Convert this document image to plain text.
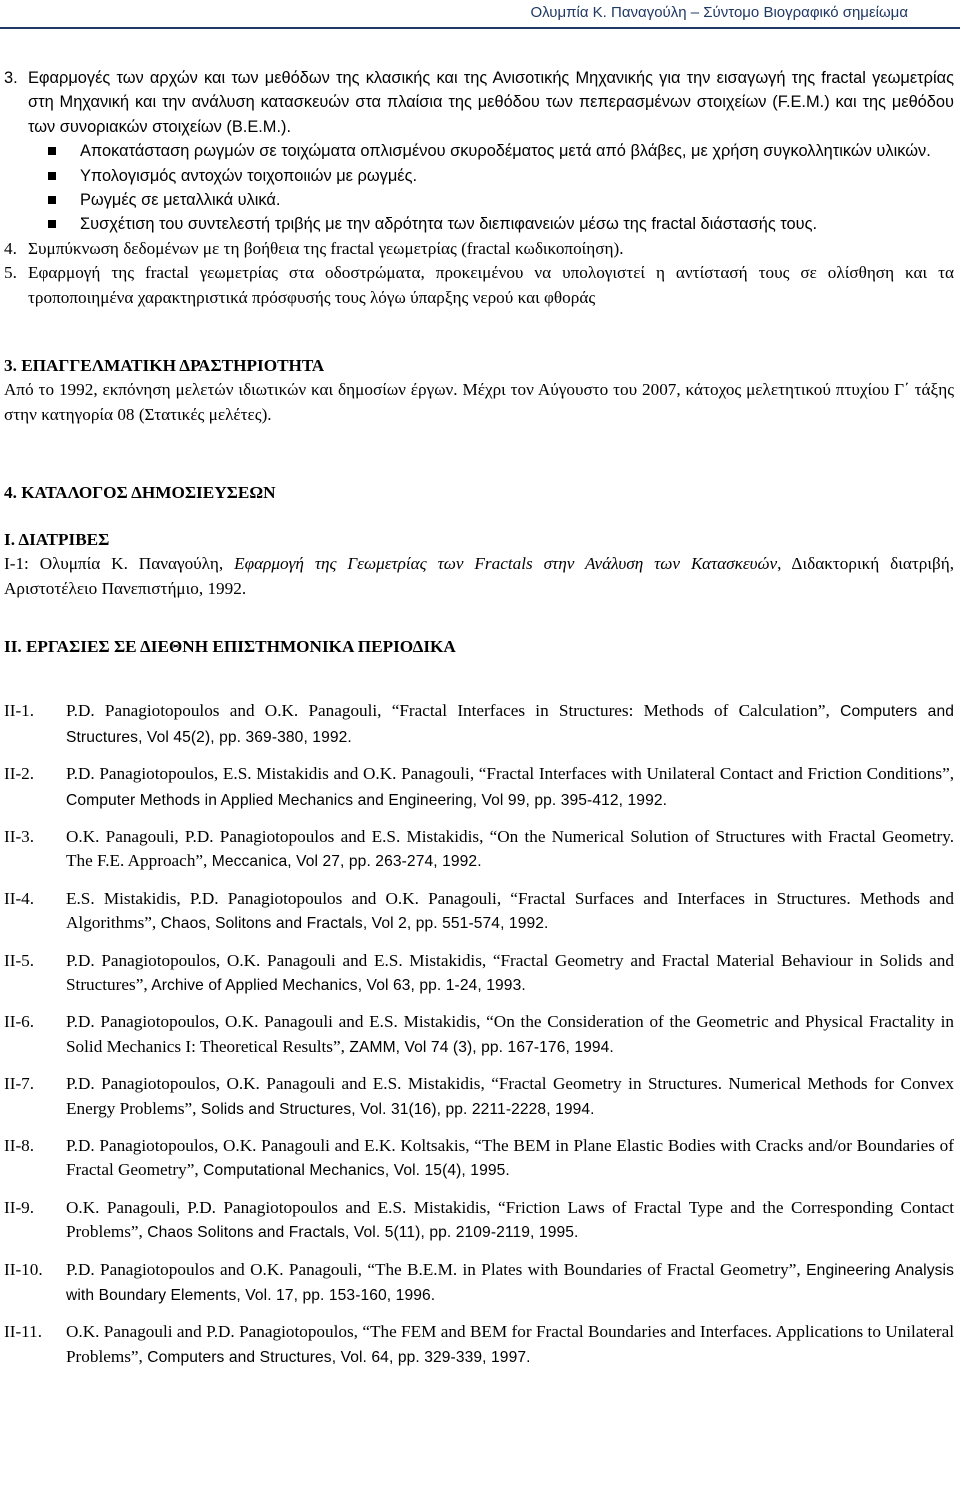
Ολυμπία Κ. Παναγούλη – Σύντομο Βιογραφικό σημείωμα
3. Εφαρμογές των αρχών και των μεθόδων της κλασικής και της Ανισοτικής Μηχανικής για την εισαγωγή της fractal γεωμετρίας στη Μηχανική και την ανάλυση κατασκευών στα πλαίσια της μεθόδου των πεπερασμένων στοιχείων (F.E.M.) και της μεθόδου των συνοριακών στοιχείων (B.E.M.).
Αποκατάσταση ρωγμών σε τοιχώματα οπλισμένου σκυροδέματος μετά από βλάβες, με χρήση συγκολλητικών υλικών.
Υπολογισμός αντοχών τοιχοποιιών με ρωγμές.
Ρωγμές σε μεταλλικά υλικά.
Συσχέτιση του συντελεστή τριβής με την αδρότητα των διεπιφανειών μέσω της fractal διάστασής τους.
4. Συμπύκνωση δεδομένων με τη βοήθεια της fractal γεωμετρίας (fractal κωδικοποίηση).
5. Εφαρμογή της fractal γεωμετρίας στα οδοστρώματα, προκειμένου να υπολογιστεί η αντίστασή τους σε ολίσθηση και τα τροποποιημένα χαρακτηριστικά πρόσφυσής τους λόγω ύπαρξης νερού και φθοράς
3. ΕΠΑΓΓΕΛΜΑΤΙΚΗ ΔΡΑΣΤΗΡΙΟΤΗΤΑ
Από το 1992, εκπόνηση μελετών ιδιωτικών και δημοσίων έργων. Μέχρι τον Αύγουστο του 2007, κάτοχος μελετητικού πτυχίου Γ΄ τάξης στην κατηγορία 08 (Στατικές μελέτες).
4. ΚΑΤΑΛΟΓΟΣ ΔΗΜΟΣΙΕΥΣΕΩΝ
Ι. ΔΙΑΤΡΙΒΕΣ
Ι-1: Ολυμπία Κ. Παναγούλη, Εφαρμογή της Γεωμετρίας των Fractals στην Ανάλυση των Κατασκευών, Διδακτορική διατριβή, Αριστοτέλειο Πανεπιστήμιο, 1992.
ΙΙ. ΕΡΓΑΣΙΕΣ ΣΕ ΔΙΕΘΝΗ ΕΠΙΣΤΗΜΟΝΙΚΑ ΠΕΡΙΟΔΙΚΑ
II-1.	P.D. Panagiotopoulos and O.K. Panagouli, “Fractal Interfaces in Structures: Methods of Calculation”, Computers and Structures, Vol 45(2), pp. 369-380, 1992.
II-2.	P.D. Panagiotopoulos, E.S. Mistakidis and O.K. Panagouli, “Fractal Interfaces with Unilateral Contact and Friction Conditions”, Computer Methods in Applied Mechanics and Engineering, Vol 99, pp. 395-412, 1992.
II-3.	O.K. Panagouli, P.D. Panagiotopoulos and E.S. Mistakidis, “On the Numerical Solution of Structures with Fractal Geometry. The F.E. Approach”, Meccanica, Vol 27, pp. 263-274, 1992.
II-4.	E.S. Mistakidis, P.D. Panagiotopoulos and O.K. Panagouli, “Fractal Surfaces and Interfaces in Structures. Methods and Algorithms”, Chaos, Solitons and Fractals, Vol 2, pp. 551-574, 1992.
II-5.	P.D. Panagiotopoulos, O.K. Panagouli and E.S. Mistakidis, “Fractal Geometry and Fractal Material Behaviour in Solids and Structures”, Archive of Applied Mechanics, Vol 63, pp. 1-24, 1993.
II-6.	P.D. Panagiotopoulos, O.K. Panagouli and E.S. Mistakidis, “On the Consideration of the Geometric and Physical Fractality in Solid Mechanics I: Theoretical Results”, ZAMM, Vol 74 (3), pp. 167-176, 1994.
II-7.	P.D. Panagiotopoulos, O.K. Panagouli and E.S. Mistakidis, “Fractal Geometry in Structures. Numerical Methods for Convex Energy Problems”, Solids and Structures, Vol. 31(16), pp. 2211-2228, 1994.
II-8.	P.D. Panagiotopoulos, O.K. Panagouli and E.K. Koltsakis, “The BEM in Plane Elastic Bodies with Cracks and/or Boundaries of Fractal Geometry”, Computational Mechanics, Vol. 15(4), 1995.
II-9.	O.K. Panagouli, P.D. Panagiotopoulos and E.S. Mistakidis, “Friction Laws of Fractal Type and the Corresponding Contact Problems”, Chaos Solitons and Fractals, Vol. 5(11), pp. 2109-2119, 1995.
II-10.	P.D. Panagiotopoulos and O.K. Panagouli, “The B.E.M. in Plates with Boundaries of Fractal Geometry”, Engineering Analysis with Boundary Elements, Vol. 17, pp. 153-160, 1996.
II-11.	O.K. Panagouli and P.D. Panagiotopoulos, “The FEM and BEM for Fractal Boundaries and Interfaces. Applications to Unilateral Problems”, Computers and Structures, Vol. 64, pp. 329-339, 1997.
